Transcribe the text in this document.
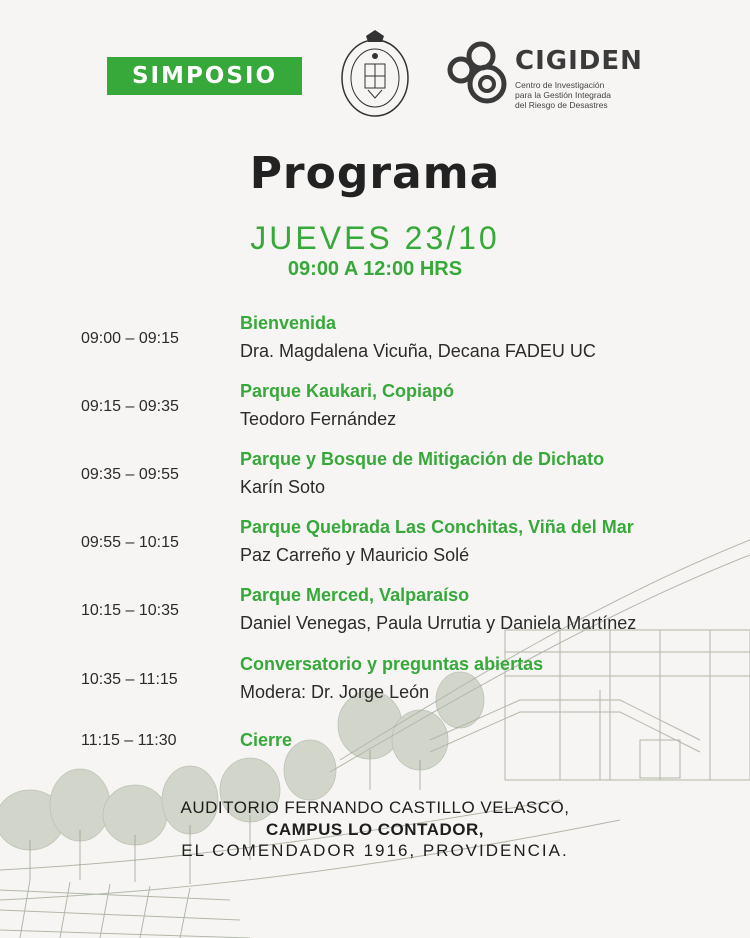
SIMPOSIO	CIGIDEN
Centro de Investigación
para la Gestión Integrada
del Riesgo de Desastres
Programa
JUEVES 23/10
09:00 A 12:00 HRS
09:00 – 09:15
Bienvenida
Dra. Magdalena Vicuña, Decana FADEU UC
09:15 – 09:35
Parque Kaukari, Copiapó
Teodoro Fernández
09:35 – 09:55
Parque y Bosque de Mitigación de Dichato
Karín Soto
09:55 – 10:15
Parque Quebrada Las Conchitas, Viña del Mar
Paz Carreño y Mauricio Solé
10:15 – 10:35
Parque Merced, Valparaíso
Daniel Venegas, Paula Urrutia y Daniela Martínez
10:35 – 11:15
Conversatorio y preguntas abiertas
Modera: Dr. Jorge León
11:15 – 11:30	Cierre
AUDITORIO FERNANDO CASTILLO VELASCO,
CAMPUS LO CONTADOR,
EL COMENDADOR 1916, PROVIDENCIA.
